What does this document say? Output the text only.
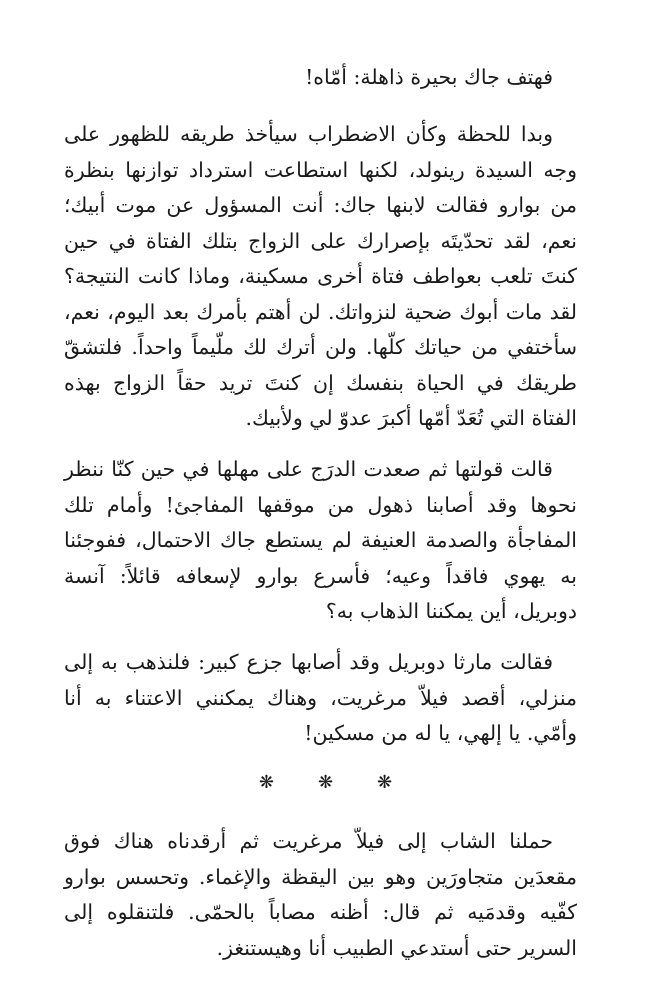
فهتف جاك بحيرة ذاهلة: أمّاه!

وبدا للحظة وكأن الاضطراب سيأخذ طريقه للظهور على وجه السيدة رينولد، لكنها استطاعت استرداد توازنها بنظرة من بوارو فقالت لابنها جاك: أنت المسؤول عن موت أبيك؛ نعم، لقد تحدّيتَه بإصرارك على الزواج بتلك الفتاة في حين كنتَ تلعب بعواطف فتاة أخرى مسكينة، وماذا كانت النتيجة؟ لقد مات أبوك ضحية لنزواتك. لن أهتم بأمرك بعد اليوم، نعم، سأختفي من حياتك كلّها. ولن أترك لك ملّيماً واحداً. فلتشقّ طريقك في الحياة بنفسك إن كنتَ تريد حقاً الزواج بهذه الفتاة التي تُعَدّ أمّها أكبرَ عدوّ لي ولأبيك.

قالت قولتها ثم صعدت الدرَج على مهلها في حين كنّا ننظر نحوها وقد أصابنا ذهول من موقفها المفاجئ! وأمام تلك المفاجأة والصدمة العنيفة لم يستطع جاك الاحتمال، ففوجئنا به يهوي فاقداً وعيه؛ فأسرع بوارو لإسعافه قائلاً: آنسة دوبريل، أين يمكننا الذهاب به؟

فقالت مارثا دوبريل وقد أصابها جزع كبير: فلنذهب به إلى منزلي، أقصد فيلاّ مرغريت، وهناك يمكنني الاعتناء به أنا وأمّي. يا إلهي، يا له من مسكين!

❋ ❋ ❋

حملنا الشاب إلى فيلاّ مرغريت ثم أرقدناه هناك فوق مقعدَين متجاورَين وهو بين اليقظة والإغماء. وتحسس بوارو كفّيه وقدمَيه ثم قال: أظنه مصاباً بالحمّى. فلتنقلوه إلى السرير حتى أستدعي الطبيب أنا وهيستنغز.
